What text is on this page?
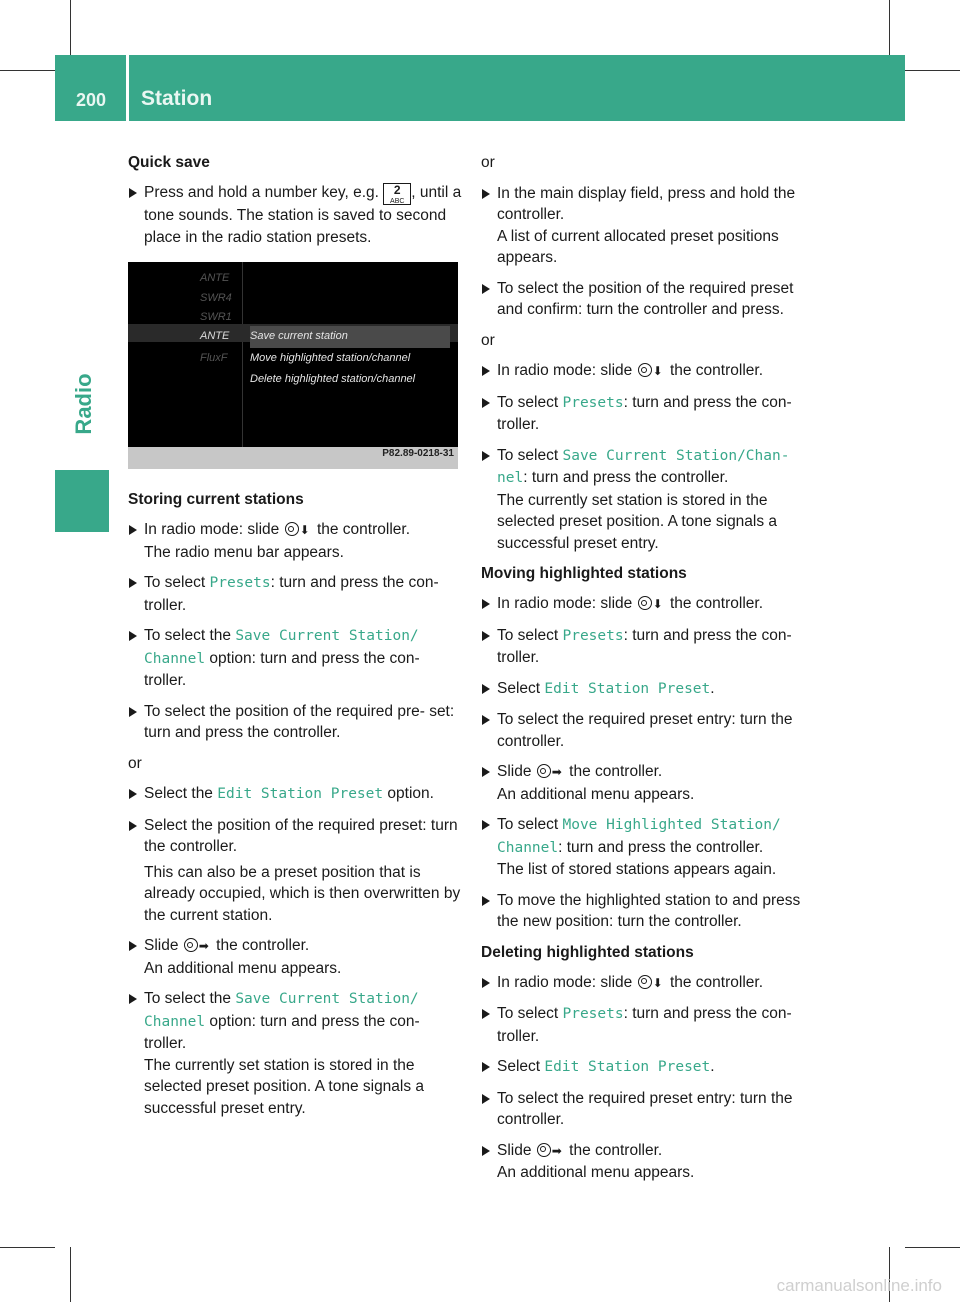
200 Station
Radio
Quick save
Press and hold a number key, e.g. 2
ABC, until a tone sounds. The station is saved to second place in the radio station presets.
ANTE
SWR4
SWR1
ANTE
FluxF
Save current station
Move highlighted station/channel
Delete highlighted station/channel
P82.89-0218-31
Storing current stations
In radio mode: slide ⬇ the controller.
The radio menu bar appears.
To select Presets: turn and press the con- troller.
To select the Save Current Station/ Channel option: turn and press the con- troller.
To select the position of the required pre- set: turn and press the controller.

or

Select the Edit Station Preset option.
Select the position of the required preset: turn the controller.
This can also be a preset position that is already occupied, which is then overwritten by the current station.
Slide ➡ the controller.
An additional menu appears.
To select the Save Current Station/ Channel option: turn and press the con- troller.
The currently set station is stored in the selected preset position. A tone signals a successful preset entry.

or

In the main display field, press and hold the controller.
A list of current allocated preset positions appears.
To select the position of the required preset and confirm: turn the controller and press.

or

In radio mode: slide ⬇ the controller.
To select Presets: turn and press the con- troller.
To select Save Current Station/Chan‐ nel: turn and press the controller.
The currently set station is stored in the selected preset position. A tone signals a successful preset entry.
Moving highlighted stations
In radio mode: slide ⬇ the controller.
To select Presets: turn and press the con- troller.
Select Edit Station Preset.
To select the required preset entry: turn the controller.
Slide ➡ the controller.
An additional menu appears.
To select Move Highlighted Station/ Channel: turn and press the controller.
The list of stored stations appears again.
To move the highlighted station to and press the new position: turn the controller.
Deleting highlighted stations
In radio mode: slide ⬇ the controller.
To select Presets: turn and press the con- troller.
Select Edit Station Preset.
To select the required preset entry: turn the controller.
Slide ➡ the controller.
An additional menu appears.
carmanualsonline.info
